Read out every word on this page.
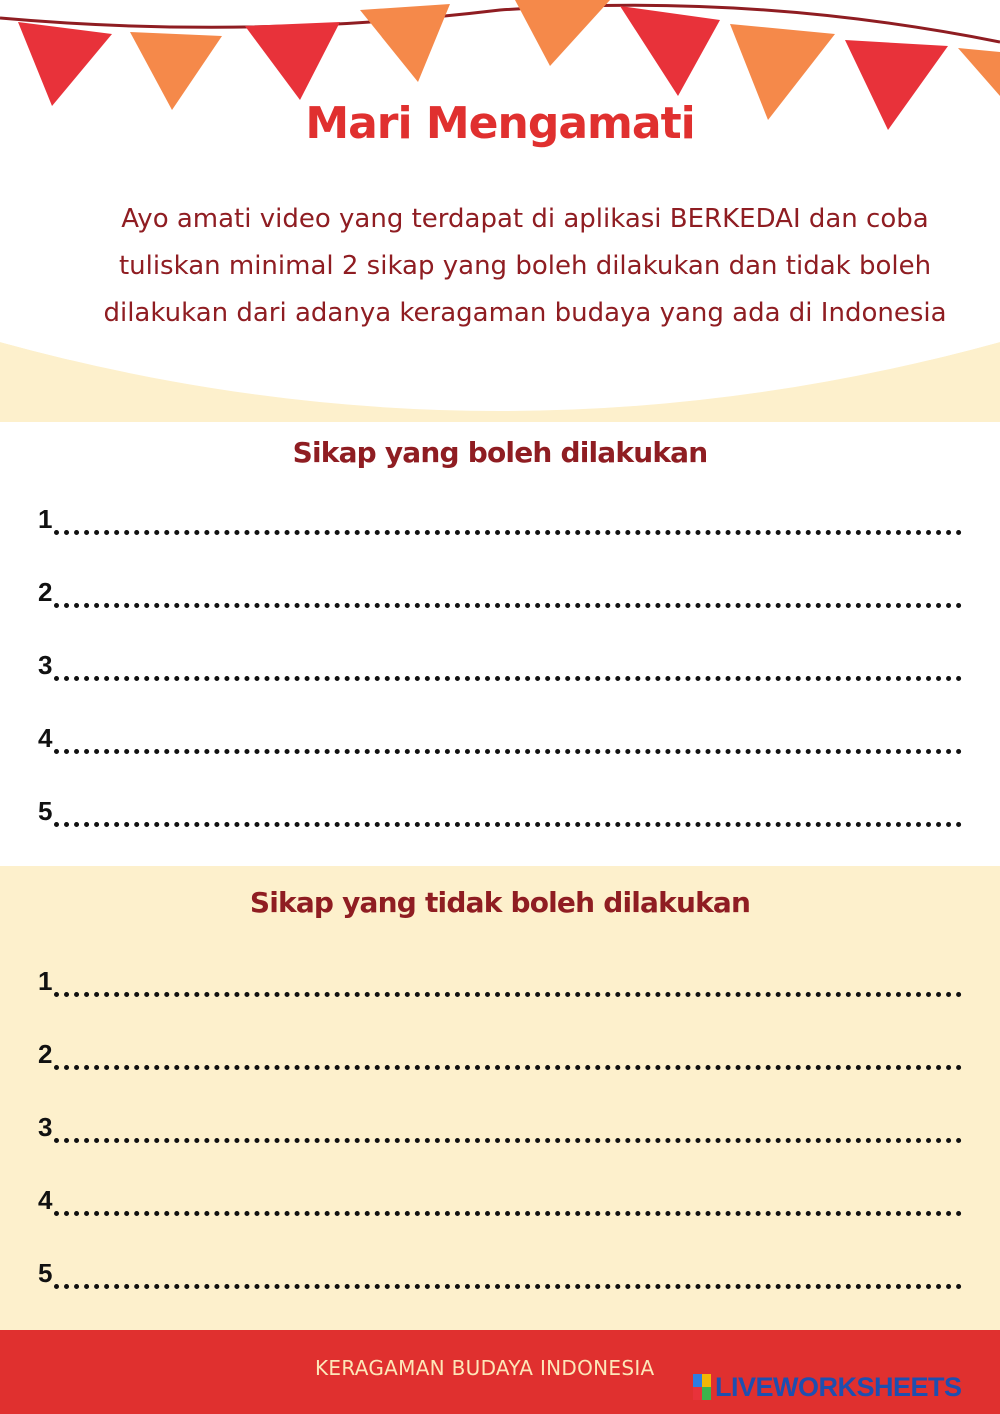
Mari Mengamati
Ayo amati video yang terdapat di aplikasi BERKEDAI dan coba tuliskan minimal 2 sikap yang boleh dilakukan dan tidak boleh dilakukan dari adanya keragaman budaya yang ada di Indonesia
Sikap yang boleh dilakukan
1
2
3
4
5
Sikap yang tidak boleh dilakukan
1
2
3
4
5
KERAGAMAN BUDAYA INDONESIA
LIVEWORKSHEETS
